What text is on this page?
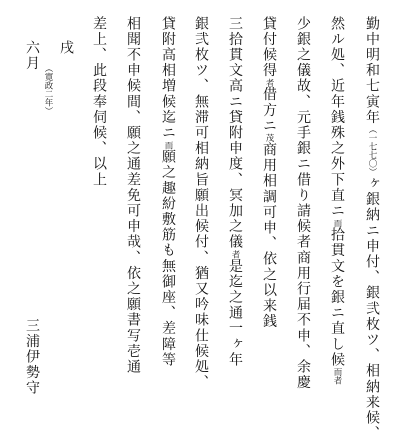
勤中明和七寅年（一七七〇）ヶ銀納ニ申付、銀弐枚ツ、相納来候、
然ル処、近年銭殊之外下直ニ而拾貫文を銀ニ直し候而者
少銀之儀故、元手銀ニ借り請候者商用行届不申、余慶
貸付候得者借方ニ茂商用相調可申、依之以来銭
三拾貫文高ニ貸附申度、冥加之儀者是迄之通一ヶ年
銀弐枚ツ、無滞可相納旨願出候付、猶又吟味仕候処、
貸附高相増候迄ニ而願之趣紛敷筋も無御座、差障等
相聞不申候間、願之通差免可申哉、依之願書写壱通
差上、此段奉伺候、以上
戌
（寛政二年）
六月
三浦伊勢守
